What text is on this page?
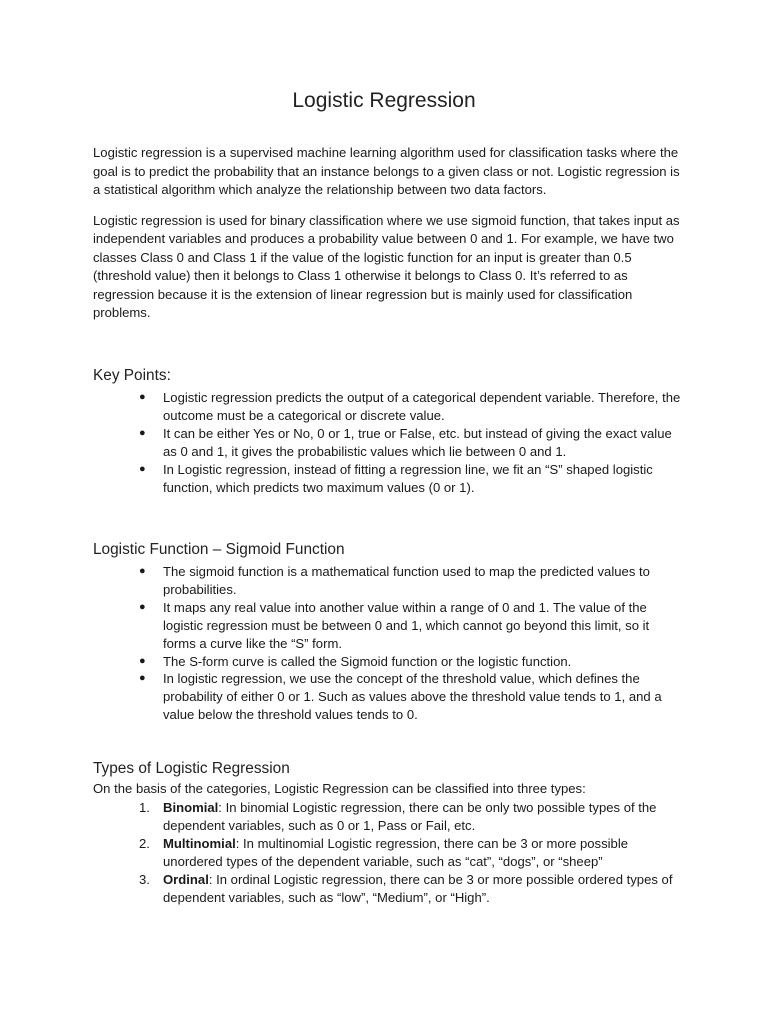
Logistic Regression

Logistic regression is a supervised machine learning algorithm used for classification tasks where the goal is to predict the probability that an instance belongs to a given class or not. Logistic regression is a statistical algorithm which analyze the relationship between two data factors.

Logistic regression is used for binary classification where we use sigmoid function, that takes input as independent variables and produces a probability value between 0 and 1. For example, we have two classes Class 0 and Class 1 if the value of the logistic function for an input is greater than 0.5 (threshold value) then it belongs to Class 1 otherwise it belongs to Class 0. It’s referred to as regression because it is the extension of linear regression but is mainly used for classification problems.

Key Points:
● Logistic regression predicts the output of a categorical dependent variable. Therefore, the outcome must be a categorical or discrete value.
● It can be either Yes or No, 0 or 1, true or False, etc. but instead of giving the exact value as 0 and 1, it gives the probabilistic values which lie between 0 and 1.
● In Logistic regression, instead of fitting a regression line, we fit an “S” shaped logistic function, which predicts two maximum values (0 or 1).
Logistic Function – Sigmoid Function
● The sigmoid function is a mathematical function used to map the predicted values to probabilities.
● It maps any real value into another value within a range of 0 and 1. The value of the logistic regression must be between 0 and 1, which cannot go beyond this limit, so it forms a curve like the “S” form.
● The S-form curve is called the Sigmoid function or the logistic function.
● In logistic regression, we use the concept of the threshold value, which defines the probability of either 0 or 1. Such as values above the threshold value tends to 1, and a value below the threshold values tends to 0.
Types of Logistic Regression
On the basis of the categories, Logistic Regression can be classified into three types:
1. Binomial: In binomial Logistic regression, there can be only two possible types of the dependent variables, such as 0 or 1, Pass or Fail, etc.
2. Multinomial: In multinomial Logistic regression, there can be 3 or more possible unordered types of the dependent variable, such as “cat”, “dogs”, or “sheep”
3. Ordinal: In ordinal Logistic regression, there can be 3 or more possible ordered types of dependent variables, such as “low”, “Medium”, or “High”.
